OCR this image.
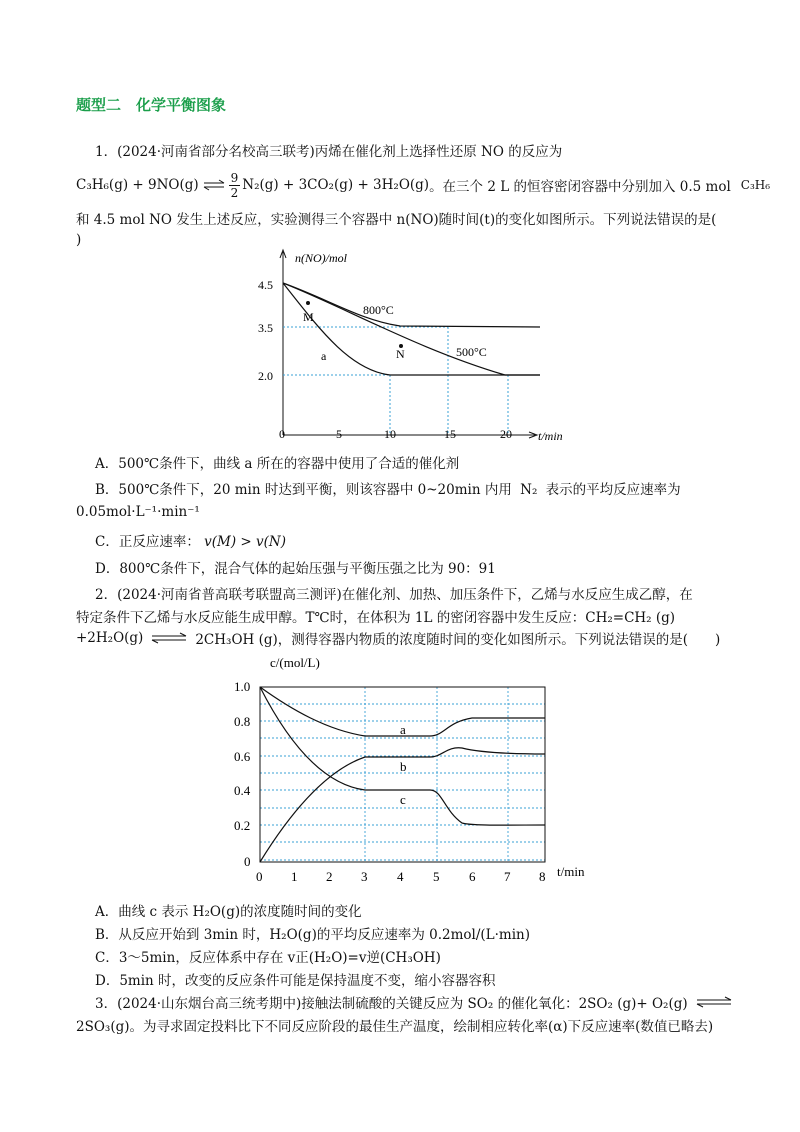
题型二　化学平衡图象
1．(2024·河南省部分名校高三联考)丙烯在催化剂上选择性还原 NO 的反应为
C₃H₆(g) + 9NO(g) ⇌ $\frac{9}{2} N_2(g) + 3CO_2(g) + 3H_2O(g)$ 。在三个 2 L 的恒容密闭容器中分别加入 0.5 mol C₃H₆
和 4.5 mol NO 发生上述反应，实验测得三个容器中 n(NO)随时间(t)的变化如图所示。下列说法错误的是(
)
n(NO)/mol
t/min
4.5
3.5
2.0
0	5	10	15	20
M
N
800°C
500°C
a
A．500℃条件下，曲线 a 所在的容器中使用了合适的催化剂
B．500℃条件下，20 min 时达到平衡，则该容器中 0~20min 内用 N₂ 表示的平均反应速率为
0.05mol·L⁻¹·min⁻¹
C．正反应速率： v(M) > v(N)
D．800℃条件下，混合气体的起始压强与平衡压强之比为 90：91
2．(2024·河南省普高联考联盟高三测评)在催化剂、加热、加压条件下，乙烯与水反应生成乙醇，在
特定条件下乙烯与水反应能生成甲醇。T℃时，在体积为 1L 的密闭容器中发生反应：CH₂=CH₂ (g)
+2H₂O(g) ⇌ 2CH₃OH (g)，测得容器内物质的浓度随时间的变化如图所示。下列说法错误的是(　　)
c/(mol/L)
t/min
1.0
0.8
0.6
0.4
0.2
0
0 1 2 3 4 5 6 7 8
a
b
c
A．曲线 c 表示 H₂O(g)的浓度随时间的变化
B．从反应开始到 3min 时，H₂O(g)的平均反应速率为 0.2mol/(L·min)
C．3～5min，反应体系中存在 v正(H₂O)=v逆(CH₃OH)
D．5min 时，改变的反应条件可能是保持温度不变，缩小容器容积
3．(2024·山东烟台高三统考期中)接触法制硫酸的关键反应为 SO₂ 的催化氧化：2SO₂ (g)+ O₂(g) ⇌
2SO₃(g)。为寻求固定投料比下不同反应阶段的最佳生产温度，绘制相应转化率(α)下反应速率(数值已略去)
